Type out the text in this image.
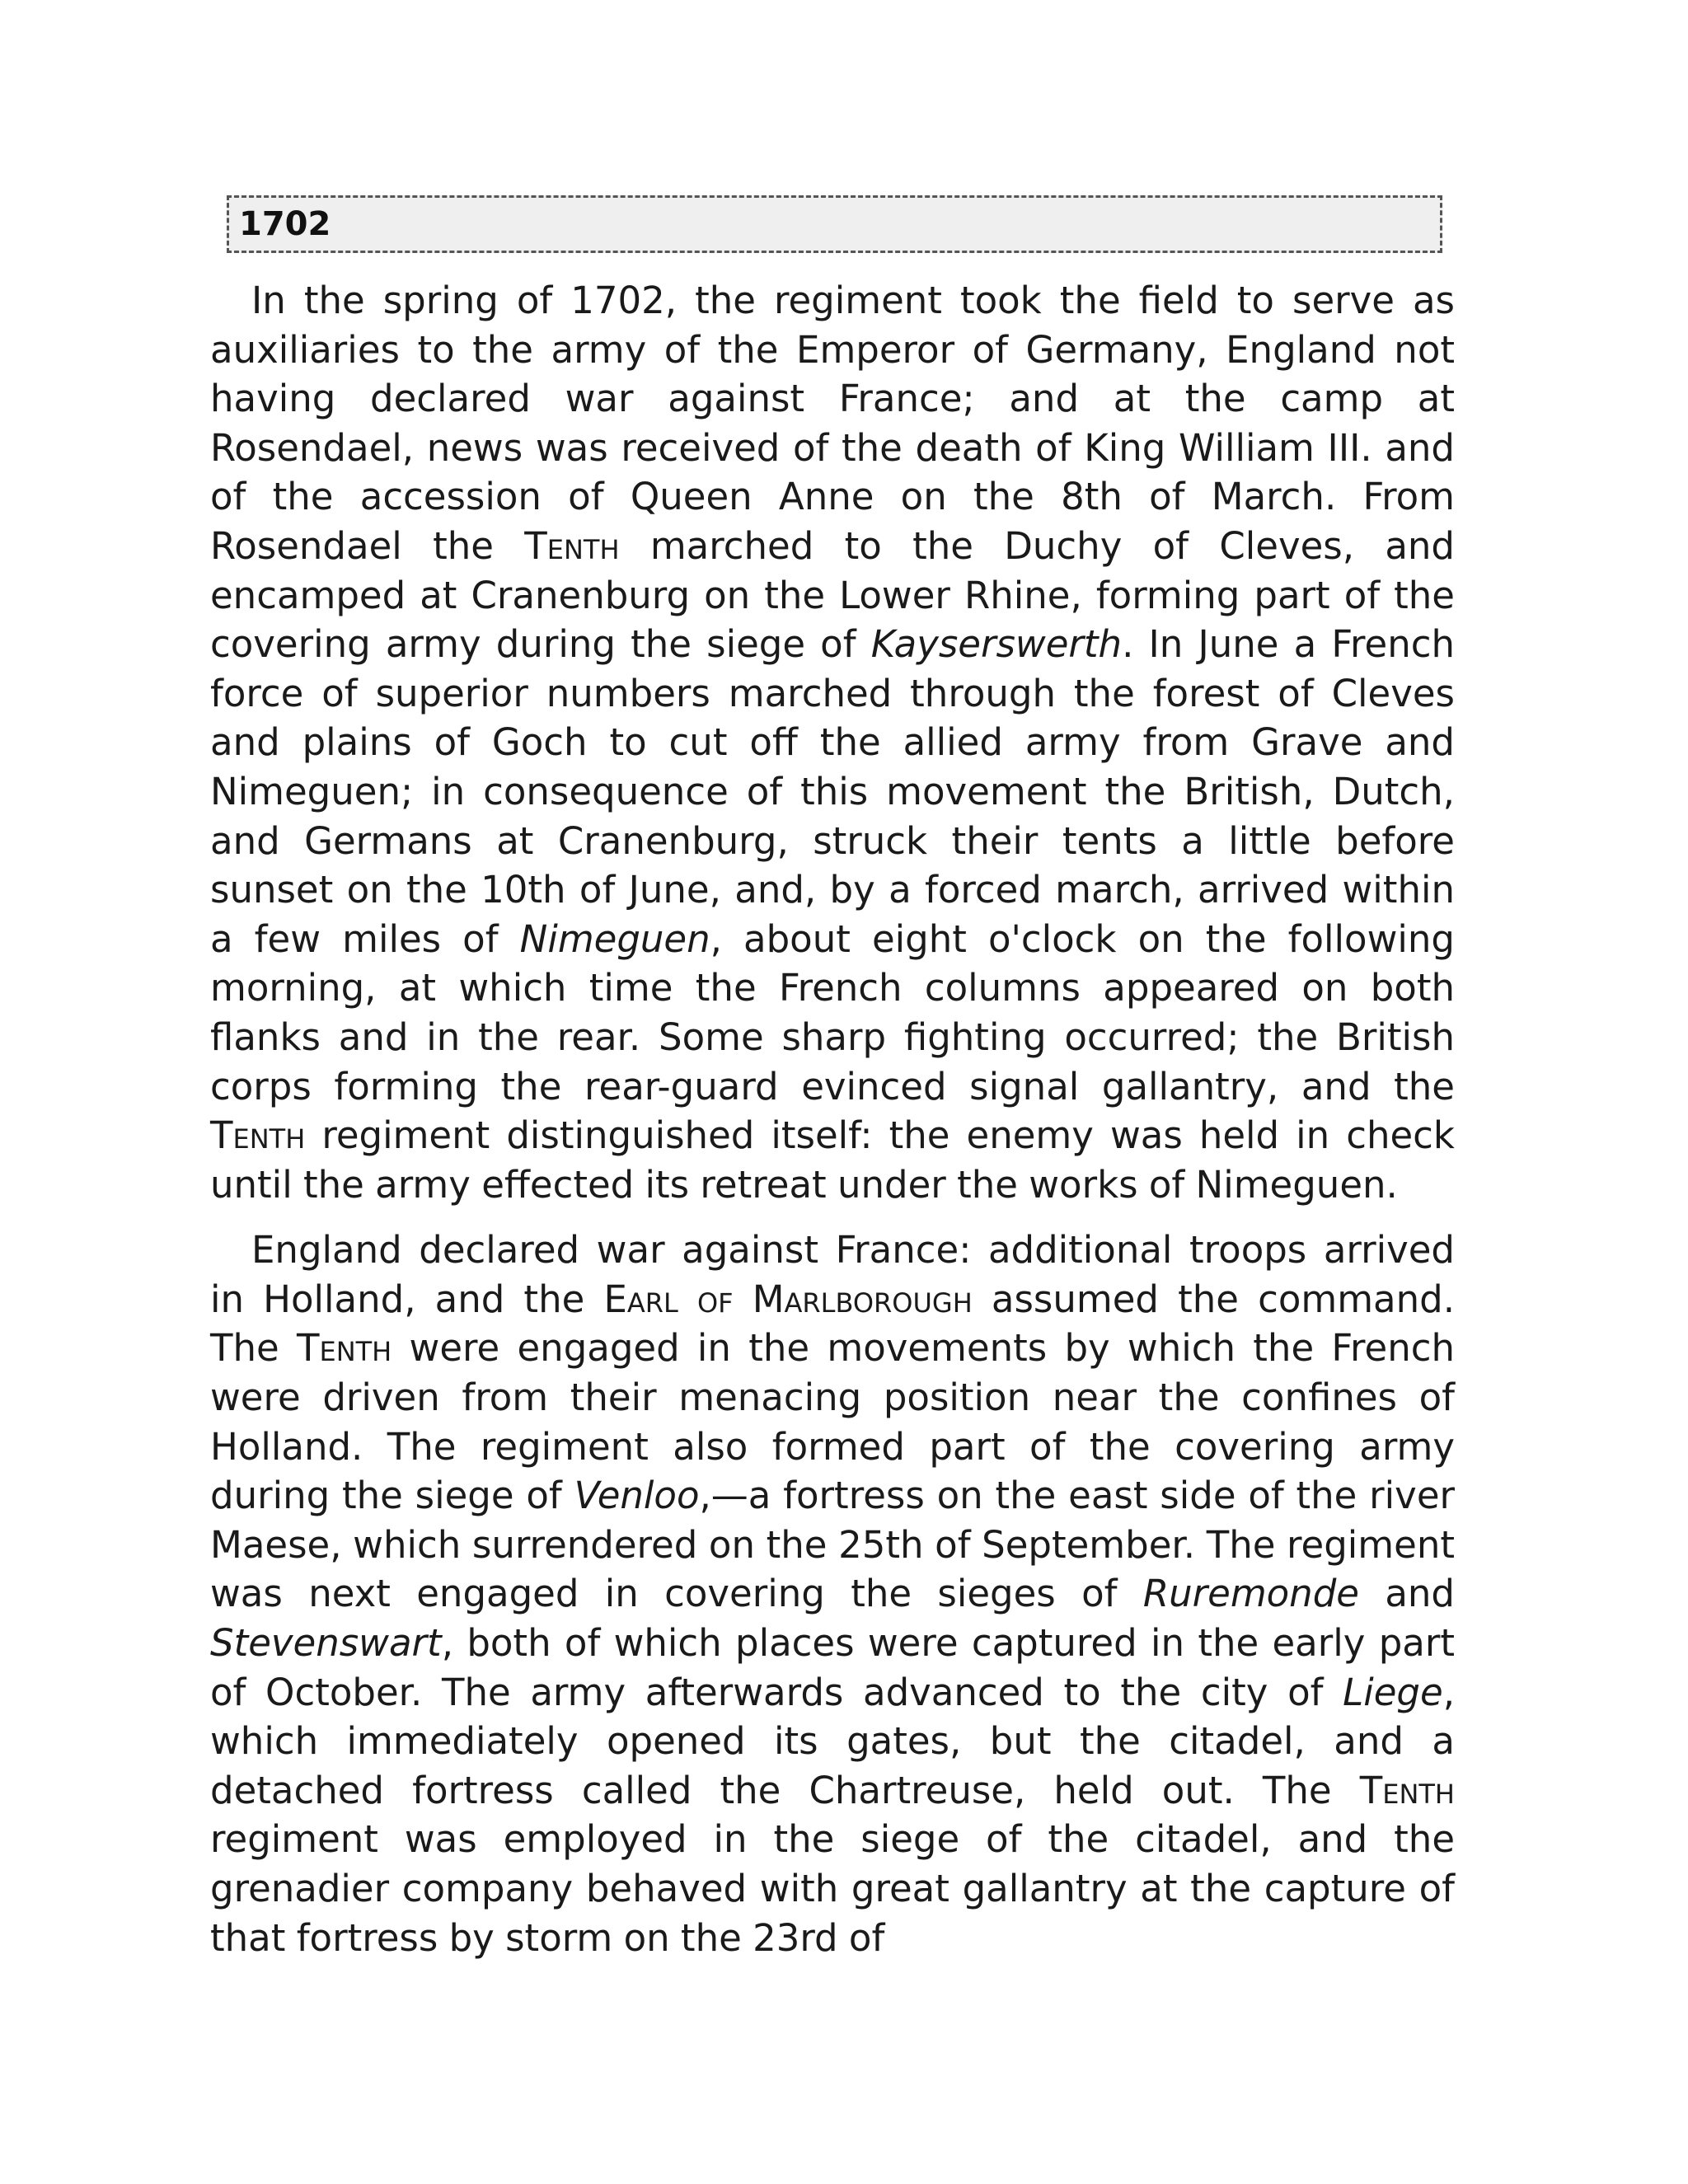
1702

In the spring of 1702, the regiment took the field to serve as auxiliaries to the army of the Emperor of Germany, England not having declared war against France; and at the camp at Rosendael, news was received of the death of King William III. and of the accession of Queen Anne on the 8th of March. From Rosendael the Tenth marched to the Duchy of Cleves, and encamped at Cranenburg on the Lower Rhine, forming part of the covering army during the siege of Kayserswerth. In June a French force of superior numbers marched through the forest of Cleves and plains of Goch to cut off the allied army from Grave and Nimeguen; in consequence of this movement the British, Dutch, and Germans at Cranenburg, struck their tents a little before sunset on the 10th of June, and, by a forced march, arrived within a few miles of Nimeguen, about eight o'clock on the following morning, at which time the French columns appeared on both flanks and in the rear. Some sharp fighting occurred; the British corps forming the rear-guard evinced signal gallantry, and the Tenth regiment distinguished itself: the enemy was held in check until the army effected its retreat under the works of Nimeguen.

England declared war against France: additional troops arrived in Holland, and the Earl of Marlborough assumed the command. The Tenth were engaged in the movements by which the French were driven from their menacing position near the confines of Holland. The regiment also formed part of the covering army during the siege of Venloo,—a fortress on the east side of the river Maese, which surrendered on the 25th of September. The regiment was next engaged in covering the sieges of Ruremonde and Stevenswart, both of which places were captured in the early part of October. The army afterwards advanced to the city of Liege, which immediately opened its gates, but the citadel, and a detached fortress called the Chartreuse, held out. The Tenth regiment was employed in the siege of the citadel, and the grenadier company behaved with great gallantry at the capture of that fortress by storm on the 23rd of
